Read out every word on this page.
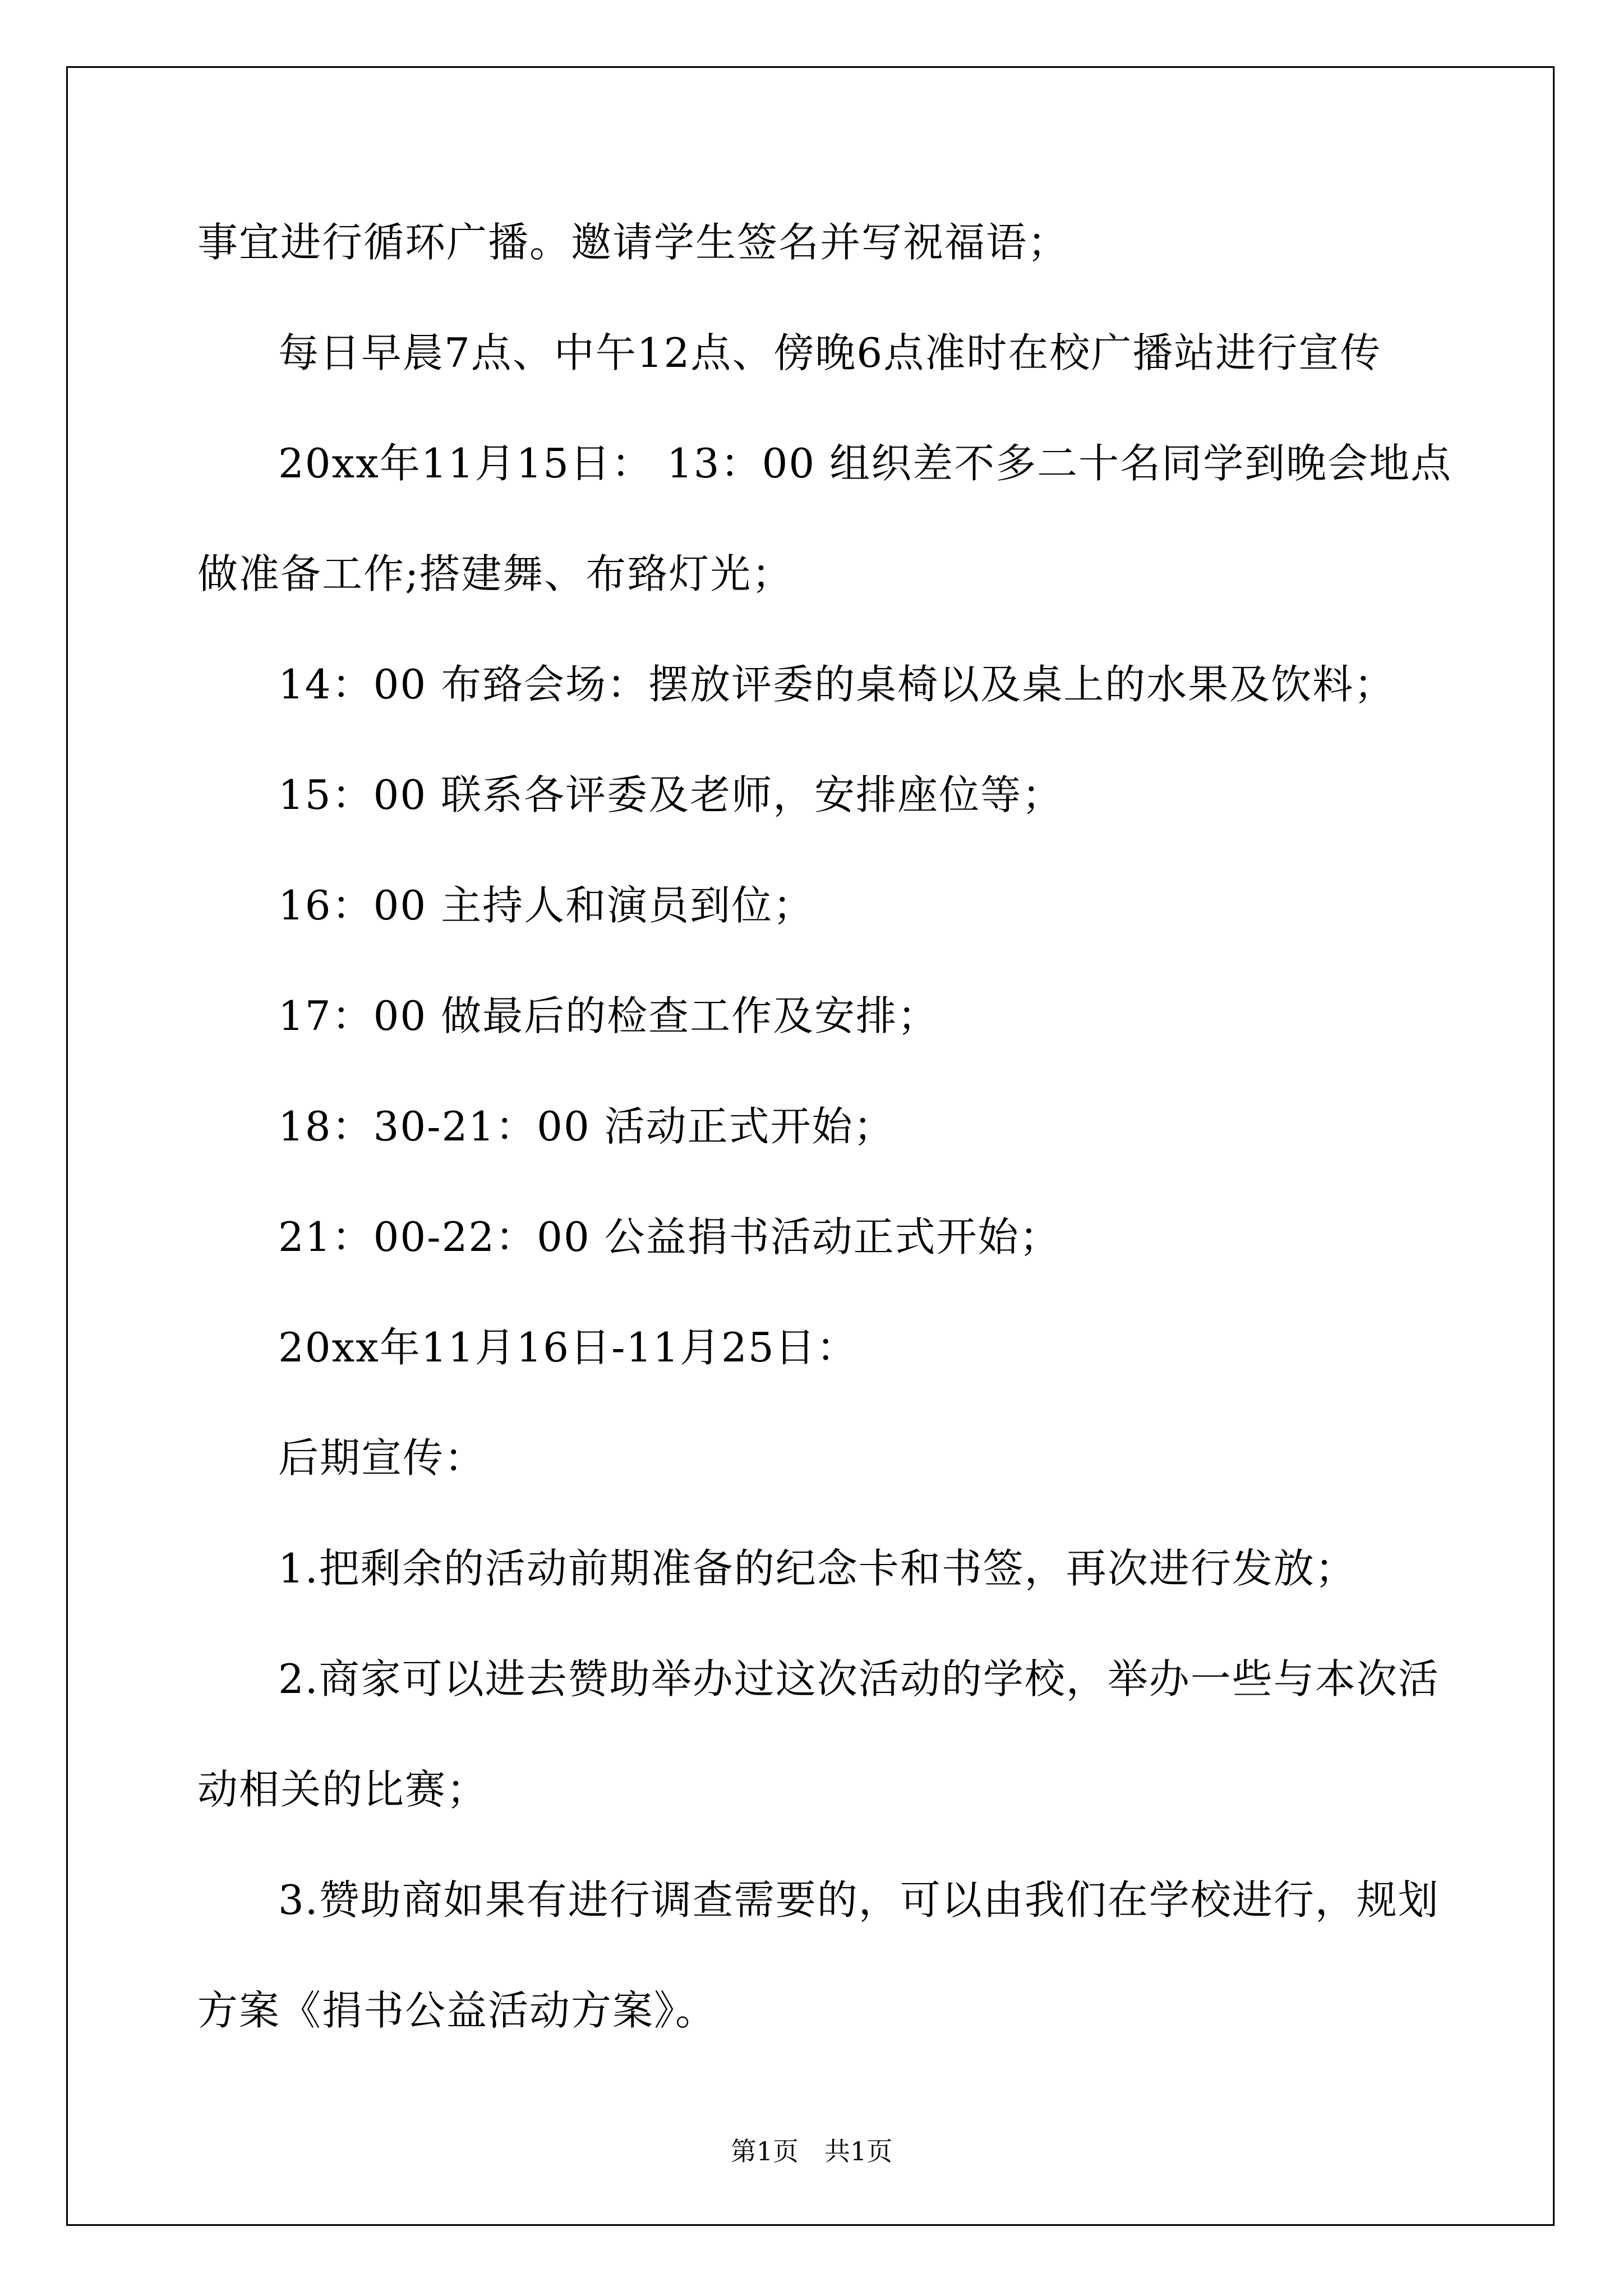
事宜进行循环广播。邀请学生签名并写祝福语；
每日早晨7点、中午12点、傍晚6点准时在校广播站进行宣传
20xx年11月15日： 13：00 组织差不多二十名同学到晚会地点
做准备工作;搭建舞、布臵灯光；
14：00 布臵会场：摆放评委的桌椅以及桌上的水果及饮料；
15：00 联系各评委及老师，安排座位等；
16：00 主持人和演员到位；
17：00 做最后的检查工作及安排；
18：30-21：00 活动正式开始；
21：00-22：00 公益捐书活动正式开始；
20xx年11月16日-11月25日：
后期宣传：
1.把剩余的活动前期准备的纪念卡和书签，再次进行发放；
2.商家可以进去赞助举办过这次活动的学校，举办一些与本次活
动相关的比赛；
3.赞助商如果有进行调查需要的，可以由我们在学校进行，规划
方案《捐书公益活动方案》。
第1页　共1页
